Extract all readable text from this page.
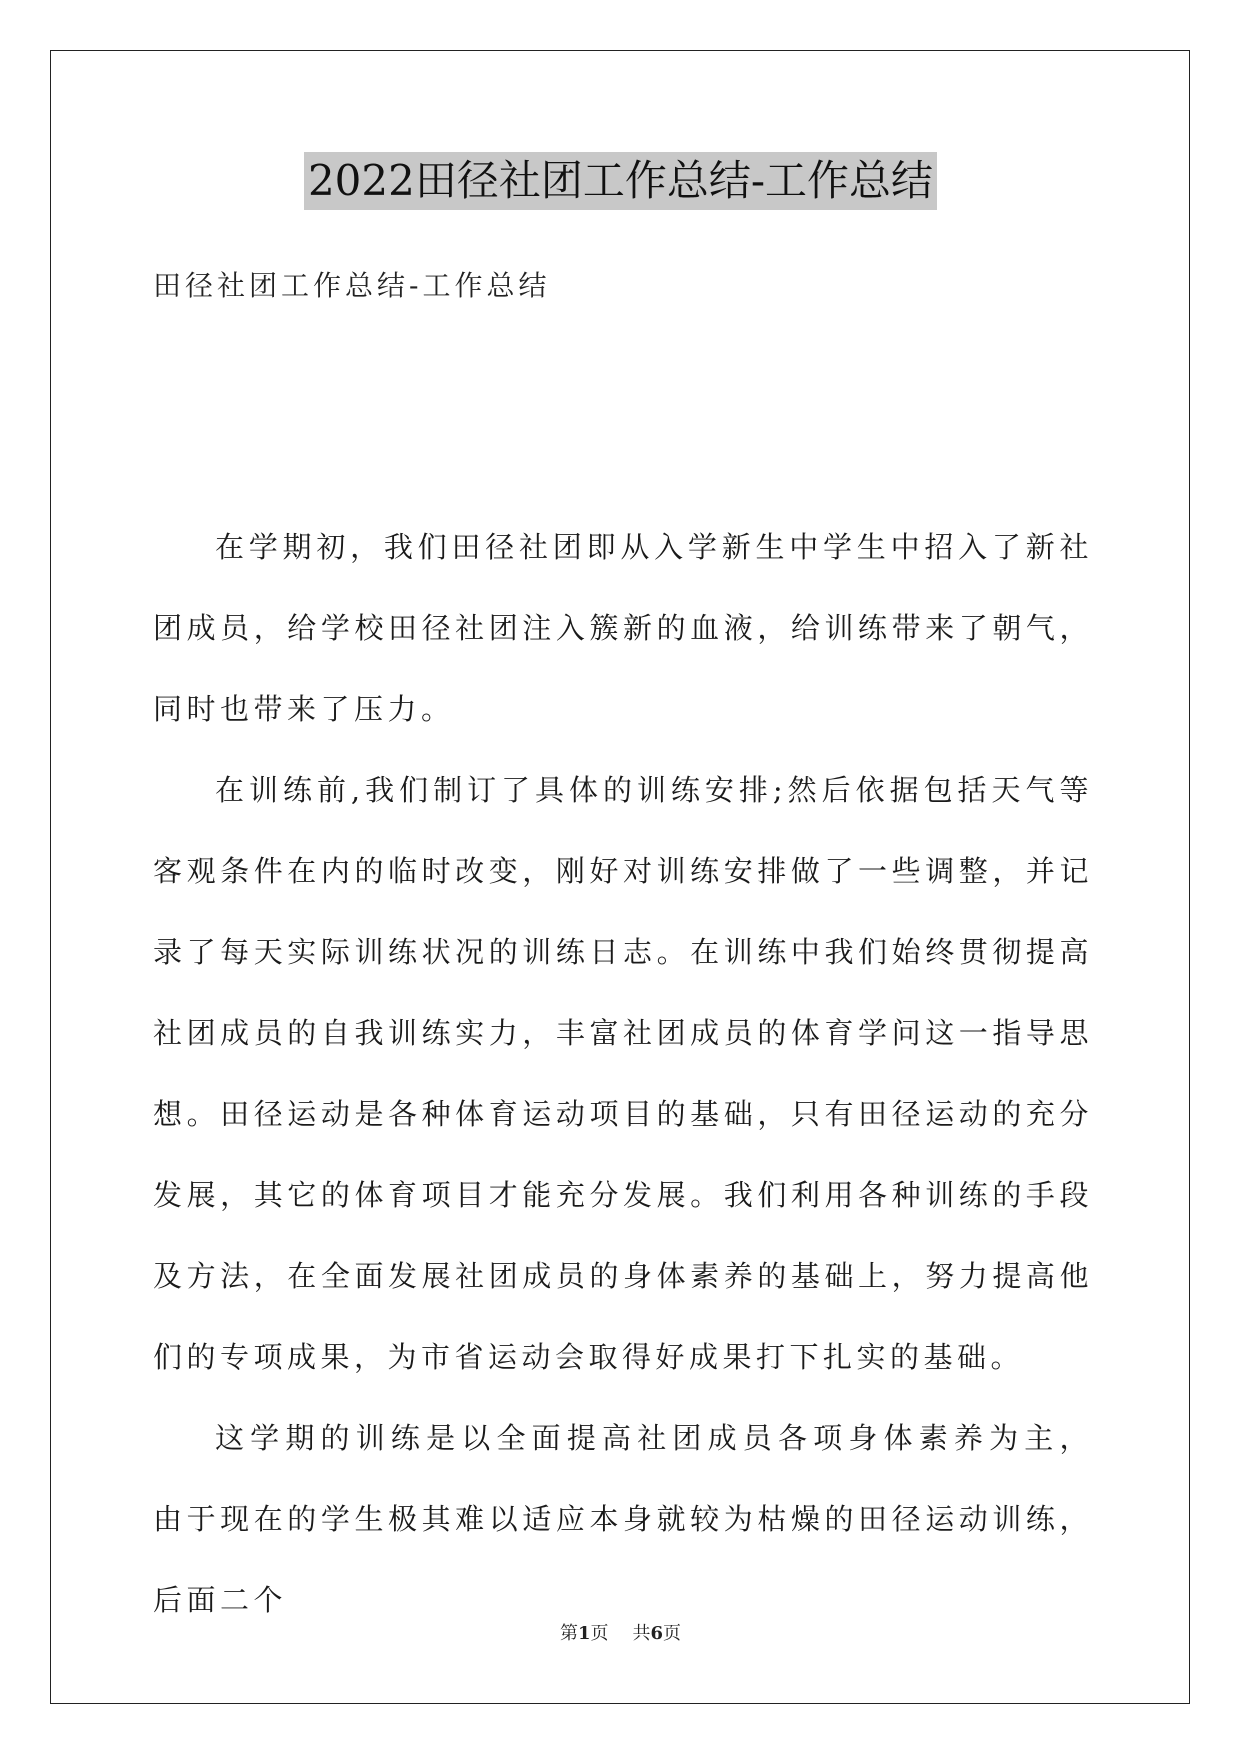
2022田径社团工作总结-工作总结
田径社团工作总结-工作总结

在学期初，我们田径社团即从入学新生中学生中招入了新社团成员，给学校田径社团注入簇新的血液，给训练带来了朝气，同时也带来了压力。

在训练前,我们制订了具体的训练安排;然后依据包括天气等客观条件在内的临时改变，刚好对训练安排做了一些调整，并记录了每天实际训练状况的训练日志。在训练中我们始终贯彻提高社团成员的自我训练实力，丰富社团成员的体育学问这一指导思想。田径运动是各种体育运动项目的基础，只有田径运动的充分发展，其它的体育项目才能充分发展。我们利用各种训练的手段及方法，在全面发展社团成员的身体素养的基础上，努力提高他们的专项成果，为市省运动会取得好成果打下扎实的基础。

这学期的训练是以全面提高社团成员各项身体素养为主， 由于现在的学生极其难以适应本身就较为枯燥的田径运动训练，后面二个

第1页 共6页
